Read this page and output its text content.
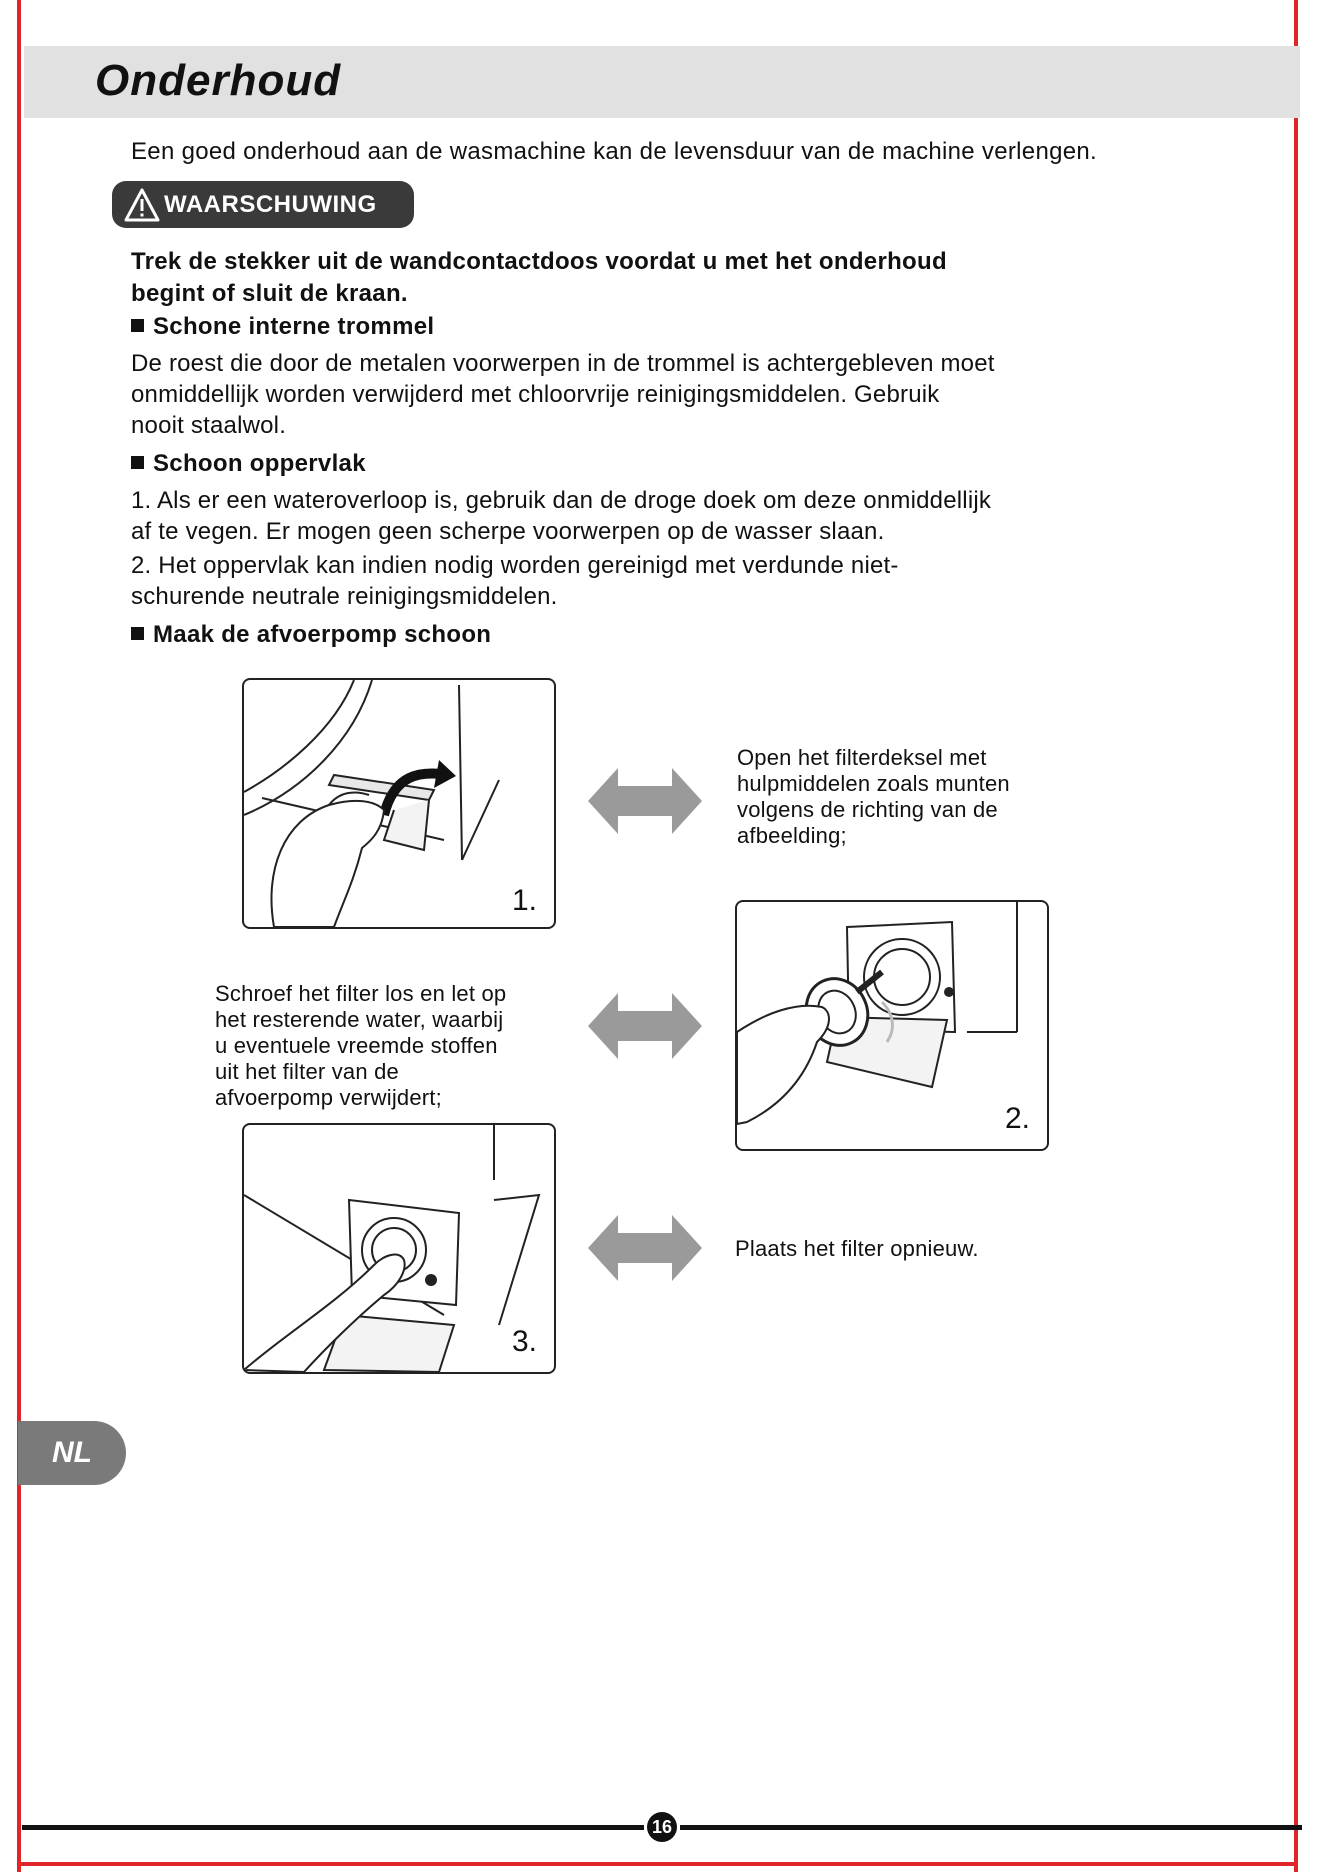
Onderhoud
Een goed onderhoud aan de wasmachine kan de levensduur van de machine verlengen.
WAARSCHUWING
Trek de stekker uit de wandcontactdoos voordat u met het onderhoud
begint of sluit de kraan.
Schone interne trommel
De roest die door de metalen voorwerpen in de trommel is achtergebleven moet
onmiddellijk worden verwijderd met chloorvrije reinigingsmiddelen. Gebruik
nooit staalwol.
Schoon oppervlak
1. Als er een wateroverloop is, gebruik dan de droge doek om deze onmiddellijk
af te vegen. Er mogen geen scherpe voorwerpen op de wasser slaan.
2. Het oppervlak kan indien nodig worden gereinigd met verdunde niet-
schurende neutrale reinigingsmiddelen.
Maak de afvoerpomp schoon
1.
Open het filterdeksel met
hulpmiddelen zoals munten
volgens de richting van de
afbeelding;
2.
Schroef het filter los en let op
het resterende water, waarbij
u eventuele vreemde stoffen
uit het filter van de
afvoerpomp verwijdert;
3.
Plaats het filter opnieuw.
NL
16
